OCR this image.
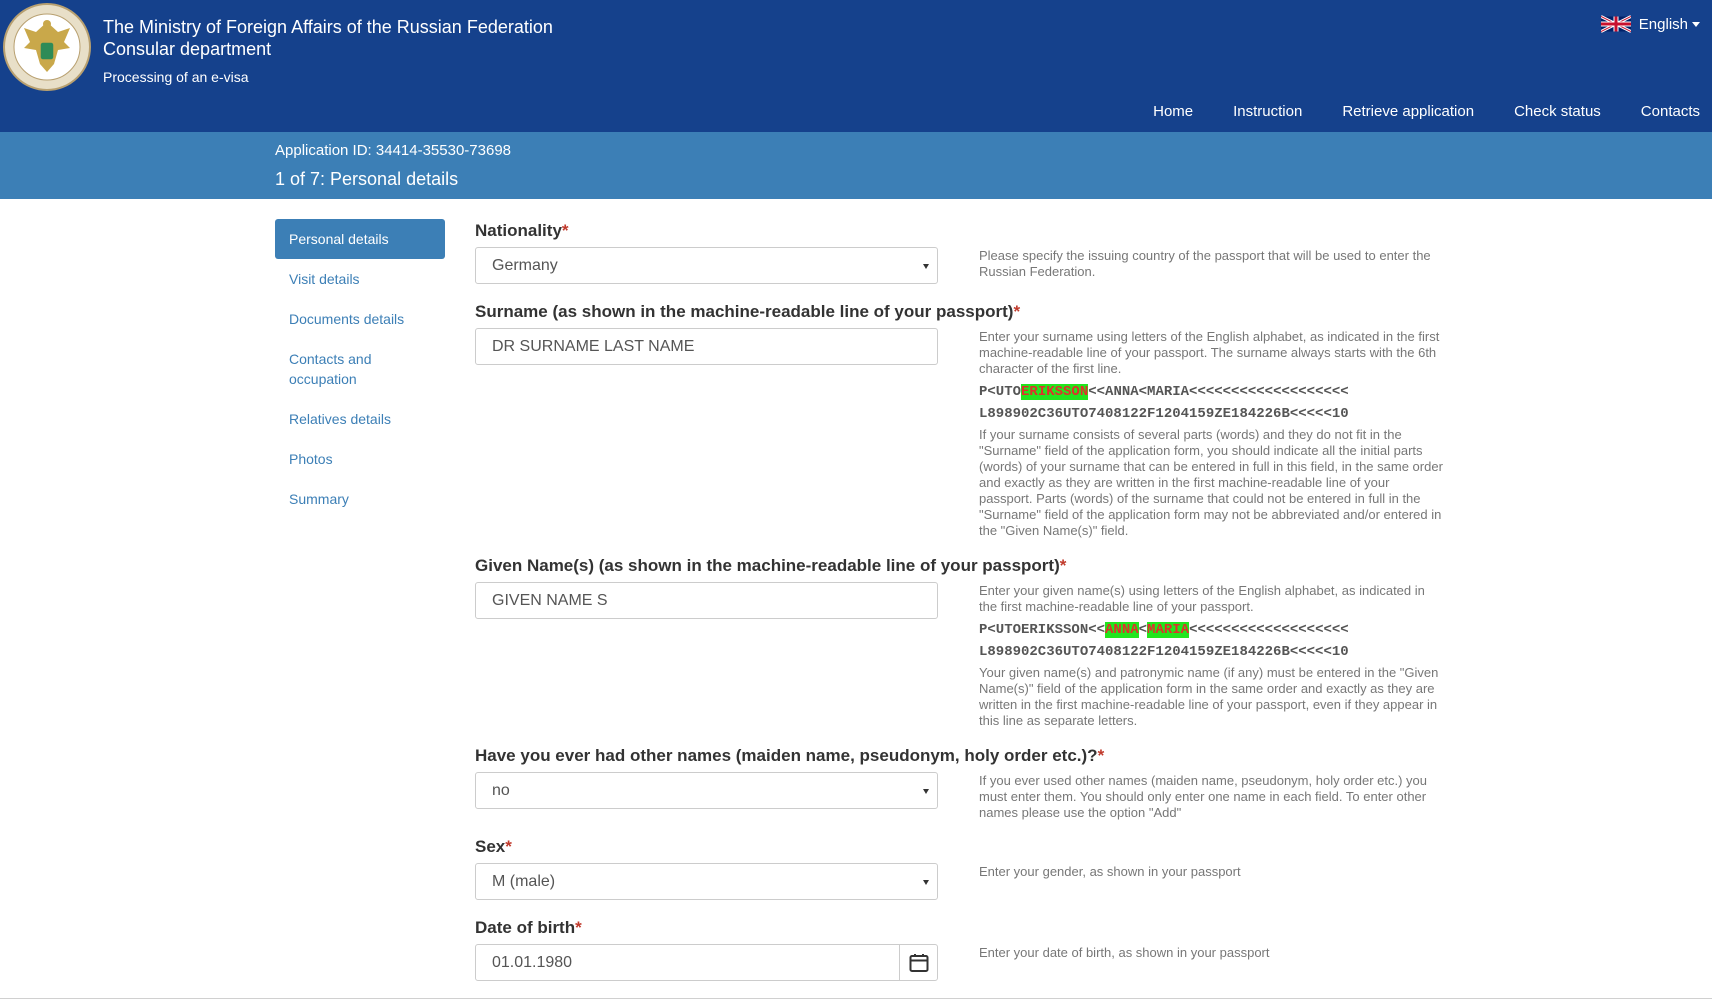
The Ministry of Foreign Affairs of the Russian Federation
Consular department
Processing of an e-visa
English
Home	Instruction	Retrieve application	Check status	Contacts
Application ID: 34414-35530-73698
1 of 7: Personal details
Personal details
Visit details
Documents details
Contacts and occupation
Relatives details
Photos
Summary
Nationality*
Germany
Please specify the issuing country of the passport that will be used to enter the Russian Federation.
Surname (as shown in the machine-readable line of your passport)*
DR SURNAME LAST NAME
Enter your surname using letters of the English alphabet, as indicated in the first machine-readable line of your passport. The surname always starts with the 6th character of the first line.
P<UTOERIKSSON<<ANNA<MARIA<<<<<<<<<<<<<<<<<<<
L898902C36UTO7408122F1204159ZE184226B<<<<<10
If your surname consists of several parts (words) and they do not fit in the "Surname" field of the application form, you should indicate all the initial parts (words) of your surname that can be entered in full in this field, in the same order and exactly as they are written in the first machine-readable line of your passport. Parts (words) of the surname that could not be entered in full in the "Surname" field of the application form may not be abbreviated and/or entered in the "Given Name(s)" field.
Given Name(s) (as shown in the machine-readable line of your passport)*
GIVEN NAME S
Enter your given name(s) using letters of the English alphabet, as indicated in the first machine-readable line of your passport.
P<UTOERIKSSON<<ANNA<MARIA<<<<<<<<<<<<<<<<<<<
L898902C36UTO7408122F1204159ZE184226B<<<<<10
Your given name(s) and patronymic name (if any) must be entered in the "Given Name(s)" field of the application form in the same order and exactly as they are written in the first machine-readable line of your passport, even if they appear in this line as separate letters.
Have you ever had other names (maiden name, pseudonym, holy order etc.)?*
no
If you ever used other names (maiden name, pseudonym, holy order etc.) you must enter them. You should only enter one name in each field. To enter other names please use the option "Add"
Sex*
M (male)
Enter your gender, as shown in your passport
Date of birth*
01.01.1980
Enter your date of birth, as shown in your passport
